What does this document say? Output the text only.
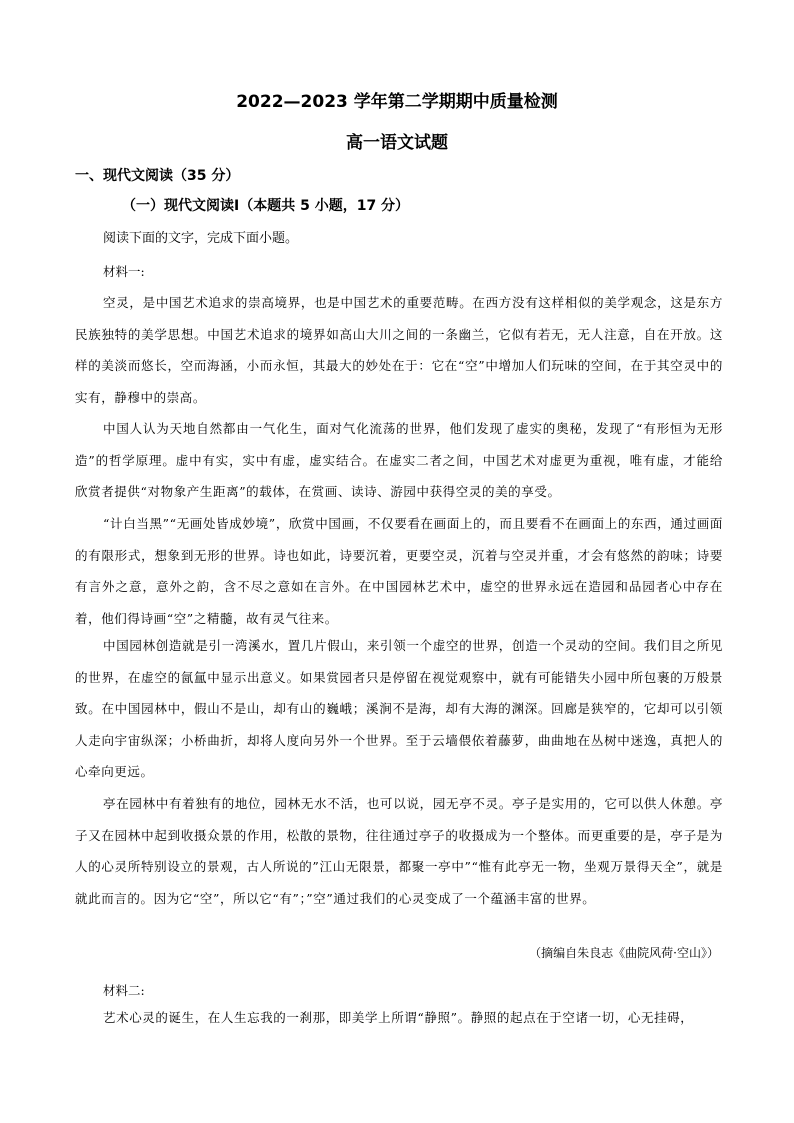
2022—2023 学年第二学期期中质量检测
高一语文试题
一、现代文阅读（35 分）
（一）现代文阅读Ⅰ（本题共 5 小题，17 分）
阅读下面的文字，完成下面小题。
材料一:

空灵，是中国艺术追求的崇高境界，也是中国艺术的重要范畴。在西方没有这样相似的美学观念，这是东方民族独特的美学思想。中国艺术追求的境界如高山大川之间的一条幽兰，它似有若无，无人注意，自在开放。这样的美淡而悠长，空而海涵，小而永恒，其最大的妙处在于：它在“空”中增加人们玩味的空间，在于其空灵中的实有，静穆中的崇高。

中国人认为天地自然都由一气化生，面对气化流荡的世界，他们发现了虚实的奥秘，发现了“有形恒为无形造”的哲学原理。虚中有实，实中有虚，虚实结合。在虚实二者之间，中国艺术对虚更为重视，唯有虚，才能给欣赏者提供“对物象产生距离”的载体，在赏画、读诗、游园中获得空灵的美的享受。

“计白当黑”“无画处皆成妙境”，欣赏中国画，不仅要看在画面上的，而且要看不在画面上的东西，通过画面的有限形式，想象到无形的世界。诗也如此，诗要沉着，更要空灵，沉着与空灵并重，才会有悠然的韵味；诗要有言外之意，意外之韵，含不尽之意如在言外。在中国园林艺术中，虚空的世界永远在造园和品园者心中存在着，他们得诗画“空”之精髓，故有灵气往来。

中国园林创造就是引一湾溪水，置几片假山，来引领一个虚空的世界，创造一个灵动的空间。我们目之所见的世界，在虚空的氤氲中显示出意义。如果赏园者只是停留在视觉观察中，就有可能错失小园中所包裹的万般景致。在中国园林中，假山不是山，却有山的巍峨；溪涧不是海，却有大海的渊深。回廊是狭窄的，它却可以引领人走向宇宙纵深；小桥曲折，却将人度向另外一个世界。至于云墙偎依着藤萝，曲曲地在丛树中迷逸，真把人的心牵向更远。

亭在园林中有着独有的地位，园林无水不活，也可以说，园无亭不灵。亭子是实用的，它可以供人休憩。亭子又在园林中起到收摄众景的作用，松散的景物，往往通过亭子的收摄成为一个整体。而更重要的是，亭子是为人的心灵所特别设立的景观，古人所说的”江山无限景，都聚一亭中”“惟有此亭无一物，坐观万景得天全”，就是就此而言的。因为它“空”，所以它“有”；”空”通过我们的心灵变成了一个蕴涵丰富的世界。

（摘编自朱良志《曲院风荷·空山》）
材料二:

艺术心灵的诞生，在人生忘我的一刹那，即美学上所谓“静照”。静照的起点在于空诸一切，心无挂碍，
